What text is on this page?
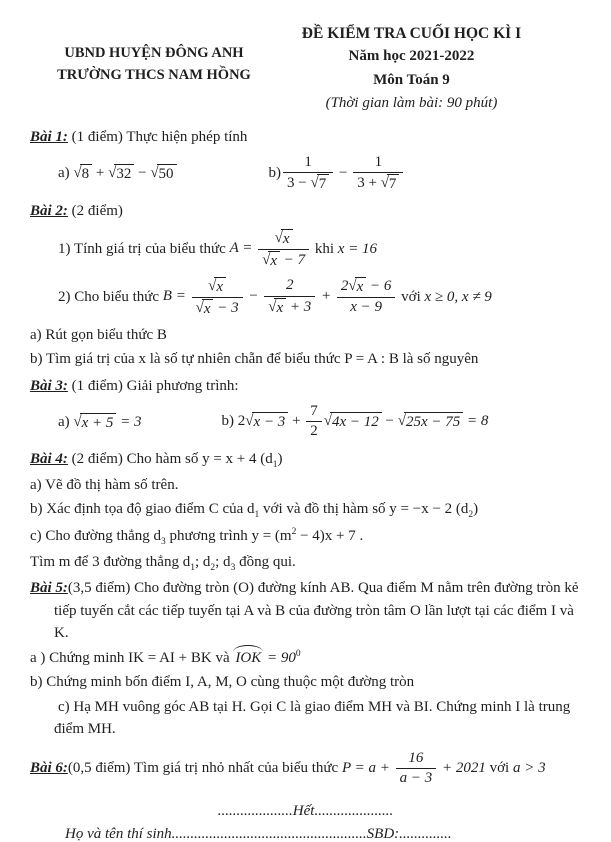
UBND HUYỆN ĐÔNG ANH
TRƯỜNG THCS NAM HỒNG
ĐỀ KIỂM TRA CUỐI HỌC KÌ I
Năm học 2021-2022
Môn Toán 9
(Thời gian làm bài: 90 phút)
Bài 1: (1 điểm) Thực hiện phép tính
a) √8 + √32 − √50	$b) \frac{1}{3 - √7} - \frac{1}{3 + √7}$
Bài 2: (2 điểm)
1) Tính giá trị của biểu thức $A = \frac{√x}{√x - 7}$ khi x = 16
2) Cho biểu thức $B = \frac{√x}{√x - 3} - \frac{2}{√x + 3} + \frac{2√x - 6}{x - 9}$ với x ≥ 0, x ≠ 9
a) Rút gọn biểu thức B
b) Tìm giá trị của x là số tự nhiên chẵn để biểu thức P = A : B là số nguyên
Bài 3: (1 điểm) Giải phương trình:
a) √x + 5 = 3	b) $2√x - 3 + \frac{7}{2} √4x - 12 - √25x - 75 = 8$
Bài 4: (2 điểm) Cho hàm số y = x + 4 $(d_1)$
a) Vẽ đồ thị hàm số trên.
b) Xác định tọa độ giao điểm C của $d_1$ với và đồ thị hàm số y = −x − 2 $(d_2)$
c) Cho đường thẳng $d_3$ phương trình $y = (m^2 - 4)x + 7$ .
Tìm m để 3 đường thẳng $d_1$; $d_2$; $d_3$ đồng qui.
Bài 5:(3,5 điểm) Cho đường tròn (O) đường kính AB. Qua điểm M nằm trên đường tròn kẻ tiếp tuyến cắt các tiếp tuyến tại A và B của đường tròn tâm O lần lượt tại các điểm I và K.
a ) Chứng minh IK = AI + BK và IOK = $90^0$
b) Chứng minh bốn điểm I, A, M, O cùng thuộc một đường tròn
c) Hạ MH vuông góc AB tại H. Gọi C là giao điểm MH và BI. Chứng minh I là trung điểm MH.
Bài 6:(0,5 điểm) Tìm giá trị nhỏ nhất của biểu thức $P = a + \frac{16}{a - 3} + 2021$ với a > 3
....................Hết.....................
Họ và tên thí sinh....................................................SBD:..............
